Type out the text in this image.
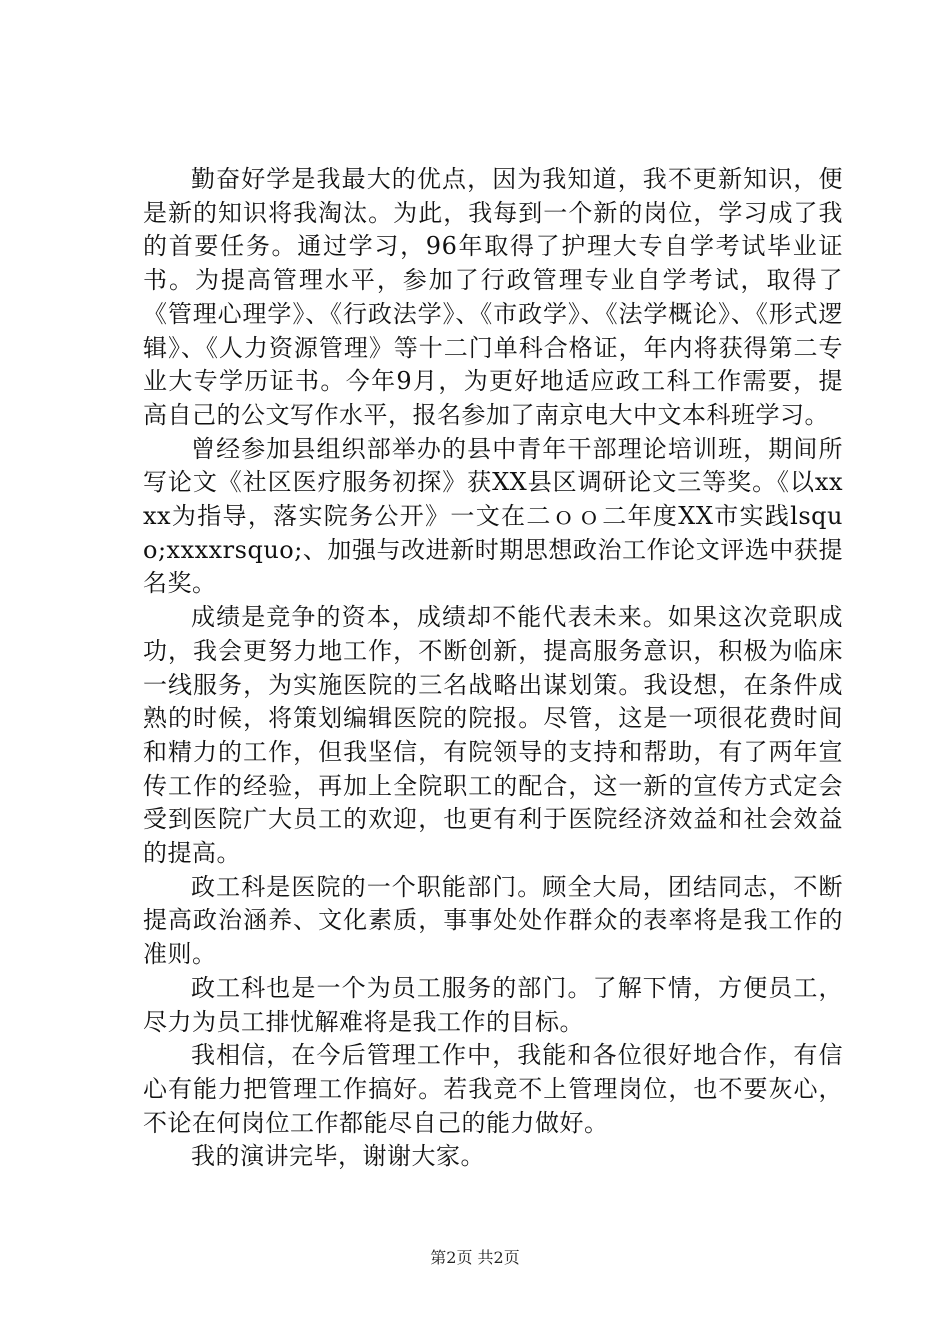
勤奋好学是我最大的优点，因为我知道，我不更新知识，便是新的知识将我淘汰。为此，我每到一个新的岗位，学习成了我的首要任务。通过学习，96年取得了护理大专自学考试毕业证书。为提高管理水平，参加了行政管理专业自学考试，取得了《管理心理学》、《行政法学》、《市政学》、《法学概论》、《形式逻辑》、《人力资源管理》等十二门单科合格证，年内将获得第二专业大专学历证书。今年9月，为更好地适应政工科工作需要，提高自己的公文写作水平，报名参加了南京电大中文本科班学习。

曾经参加县组织部举办的县中青年干部理论培训班，期间所写论文《社区医疗服务初探》获XX县区调研论文三等奖。《以xxxx为指导，落实院务公开》一文在二ｏｏ二年度XX市实践lsquo;xxxxrsquo;、加强与改进新时期思想政治工作论文评选中获提名奖。

成绩是竞争的资本，成绩却不能代表未来。如果这次竞职成功，我会更努力地工作，不断创新，提高服务意识，积极为临床一线服务，为实施医院的三名战略出谋划策。我设想，在条件成熟的时候，将策划编辑医院的院报。尽管，这是一项很花费时间和精力的工作，但我坚信，有院领导的支持和帮助，有了两年宣传工作的经验，再加上全院职工的配合，这一新的宣传方式定会受到医院广大员工的欢迎，也更有利于医院经济效益和社会效益的提高。

政工科是医院的一个职能部门。顾全大局，团结同志，不断提高政治涵养、文化素质，事事处处作群众的表率将是我工作的准则。

政工科也是一个为员工服务的部门。了解下情，方便员工，尽力为员工排忧解难将是我工作的目标。

我相信，在今后管理工作中，我能和各位很好地合作，有信心有能力把管理工作搞好。若我竞不上管理岗位，也不要灰心，不论在何岗位工作都能尽自己的能力做好。

我的演讲完毕，谢谢大家。

第2页 共2页
